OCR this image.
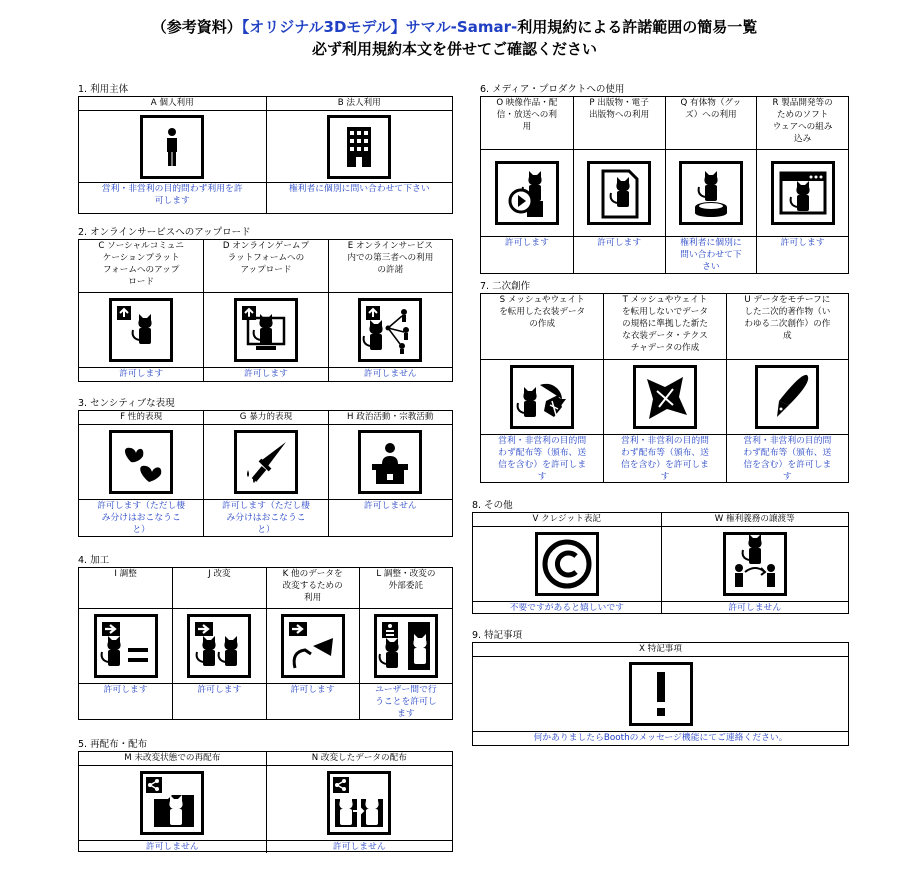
（参考資料）【オリジナル3Dモデル】サマル-Samar-利用規約による許諾範囲の簡易一覧
必ず利用規約本文を併せてご確認ください
1. 利用主体
A 個人利用
営利・非営利の目的問わず利用を許
可します
B 法人利用
権利者に個別に問い合わせて下さい
2. オンラインサービスへのアップロード
C ソーシャルコミュニ
ケーションプラット
フォームへのアップ
ロード
許可します
D オンラインゲームプ
ラットフォームへの
アップロード
許可します
E オンラインサービス
内での第三者への利用
の許諾
許可しません
3. センシティブな表現
F 性的表現
許可します（ただし棲
み分けはおこなうこ
と）
G 暴力的表現
許可します（ただし棲
み分けはおこなうこ
と）
H 政治活動・宗教活動
許可しません
4. 加工
I 調整
許可します
J 改変
許可します
K 他のデータを
改変するための
利用
許可します
L 調整・改変の
外部委託
ユーザー間で行
うことを許可し
ます
5. 再配布・配布
M 未改変状態での再配布
許可しません
N 改変したデータの配布
許可しません
6. メディア・プロダクトへの使用
O 映像作品・配
信・放送への利
用
許可します
P 出版物・電子
出版物への利用
許可します
Q 有体物（グッ
ズ）への利用
権利者に個別に
問い合わせて下
さい
R 製品開発等の
ためのソフト
ウェアへの組み
込み
許可します
7. 二次創作
S メッシュやウェイト
を転用した衣装データ
の作成
営利・非営利の目的問
わず配布等（頒布、送
信を含む）を許可しま
す
T メッシュやウェイト
を転用しないでデータ
の規格に準拠した新た
な衣装データ・テクス
チャデータの作成
営利・非営利の目的問
わず配布等（頒布、送
信を含む）を許可しま
す
U データをモチーフに
した二次的著作物（い
わゆる二次創作）の作
成
営利・非営利の目的問
わず配布等（頒布、送
信を含む）を許可しま
す
8. その他
V クレジット表記
不要ですがあると嬉しいです
W 権利義務の譲渡等
許可しません
9. 特記事項
X 特記事項
何かありましたらBoothのメッセージ機能にてご連絡ください。
